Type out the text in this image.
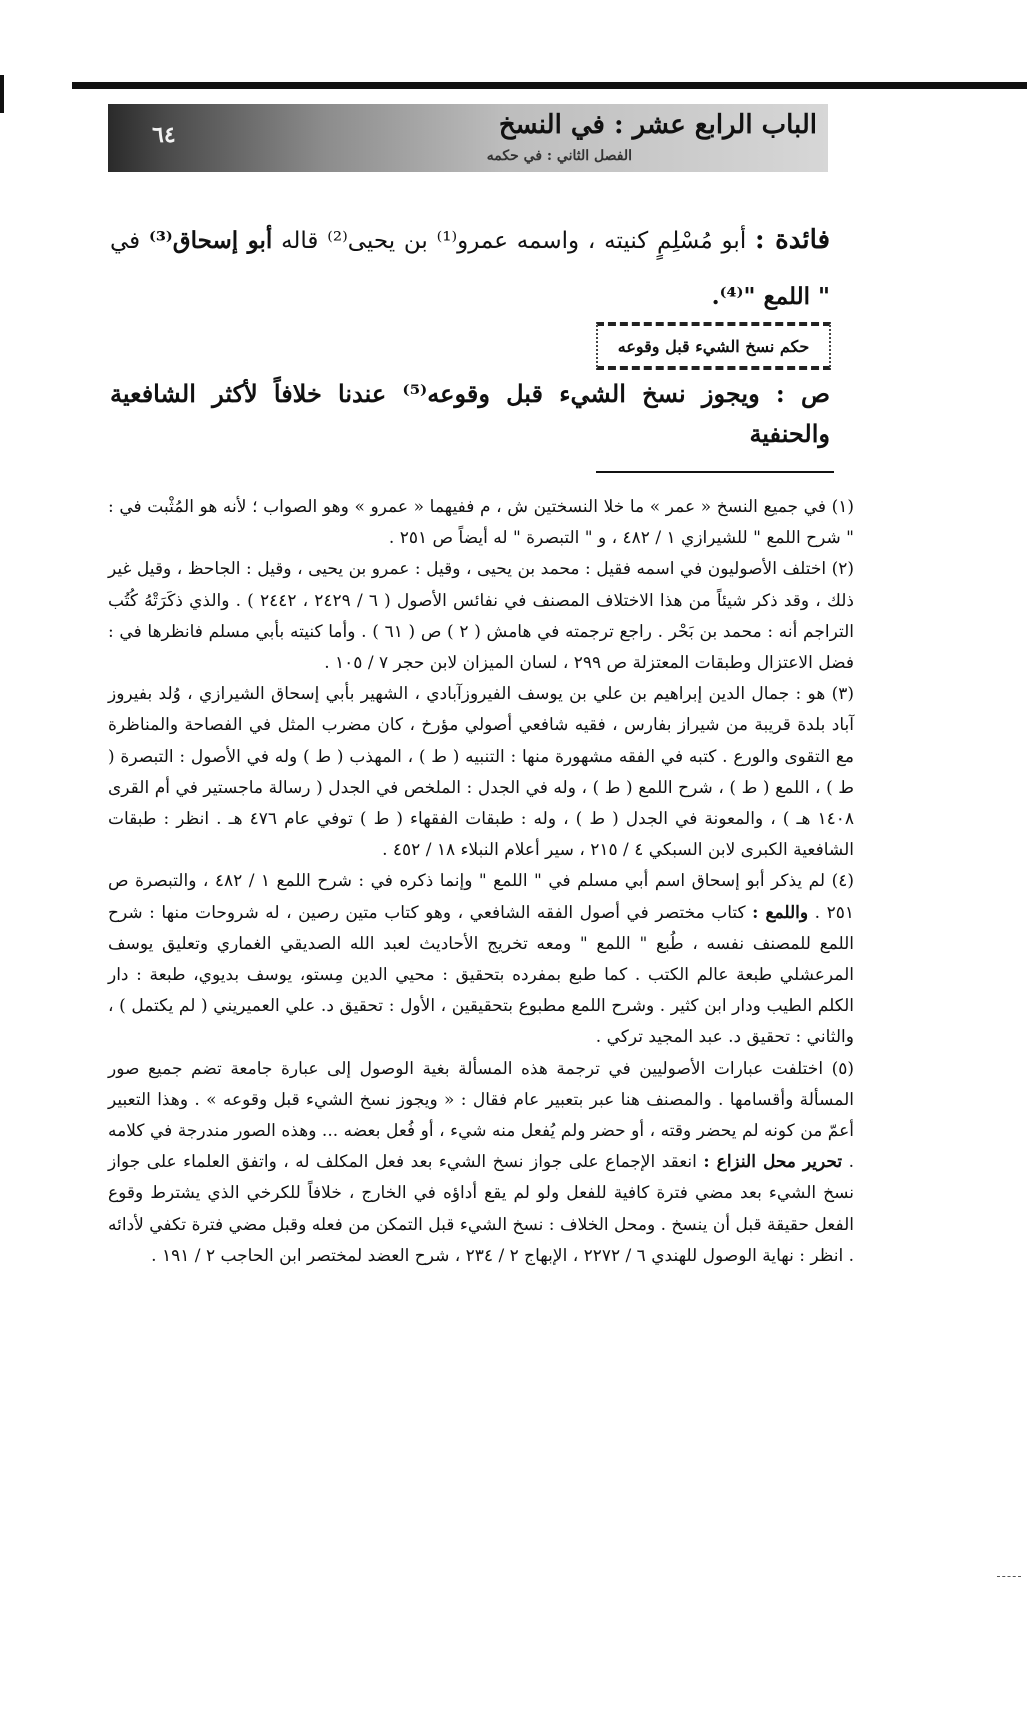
٦٤	الباب الرابع عشر : في النسخ
الفصل الثاني : في حكمه
فائدة : أبو مُسْلِمٍ كنيته ، واسمه عمرو⁽¹⁾ بن يحيى⁽²⁾ قاله أبو إسحاق⁽³⁾ في " اللمع "⁽⁴⁾.
حكم نسخ الشيء قبل وقوعه
ص : ويجوز نسخ الشيء قبل وقوعه⁽⁵⁾ عندنا خلافاً لأكثر الشافعية والحنفية

(١) في جميع النسخ « عمر » ما خلا النسختين ش ، م ففيهما « عمرو » وهو الصواب ؛ لأنه هو المُثْبت في : " شرح اللمع " للشيرازي ١ / ٤٨٢ ، و " التبصرة " له أيضاً ص ٢٥١ .

(٢) اختلف الأصوليون في اسمه فقيل : محمد بن يحيى ، وقيل : عمرو بن يحيى ، وقيل : الجاحظ ، وقيل غير ذلك ، وقد ذكر شيئاً من هذا الاختلاف المصنف في نفائس الأصول ( ٦ / ٢٤٢٩ ، ٢٤٤٢ ) . والذي ذكَرَتْهُ كُتُب التراجم أنه : محمد بن بَحْر . راجع ترجمته في هامش ( ٢ ) ص ( ٦١ ) . وأما كنيته بأبي مسلم فانظرها في : فضل الاعتزال وطبقات المعتزلة ص ٢٩٩ ، لسان الميزان لابن حجر ٧ / ١٠٥ .

(٣) هو : جمال الدين إبراهيم بن علي بن يوسف الفيروزآبادي ، الشهير بأبي إسحاق الشيرازي ، وُلد بفيروز آباد بلدة قريبة من شيراز بفارس ، فقيه شافعي أصولي مؤرخ ، كان مضرب المثل في الفصاحة والمناظرة مع التقوى والورع . كتبه في الفقه مشهورة منها : التنبيه ( ط ) ، المهذب ( ط ) وله في الأصول : التبصرة ( ط ) ، اللمع ( ط ) ، شرح اللمع ( ط ) ، وله في الجدل : الملخص في الجدل ( رسالة ماجستير في أم القرى ١٤٠٨ هـ ) ، والمعونة في الجدل ( ط ) ، وله : طبقات الفقهاء ( ط ) توفي عام ٤٧٦ هـ . انظر : طبقات الشافعية الكبرى لابن السبكي ٤ / ٢١٥ ، سير أعلام النبلاء ١٨ / ٤٥٢ .

(٤) لم يذكر أبو إسحاق اسم أبي مسلم في " اللمع " وإنما ذكره في : شرح اللمع ١ / ٤٨٢ ، والتبصرة ص ٢٥١ . واللمع : كتاب مختصر في أصول الفقه الشافعي ، وهو كتاب متين رصين ، له شروحات منها : شرح اللمع للمصنف نفسه ، طُبع " اللمع " ومعه تخريج الأحاديث لعبد الله الصديقي الغماري وتعليق يوسف المرعشلي طبعة عالم الكتب . كما طبع بمفرده بتحقيق : محيي الدين مِستو، يوسف بديوي، طبعة : دار الكلم الطيب ودار ابن كثير . وشرح اللمع مطبوع بتحقيقين ، الأول : تحقيق د. علي العميريني ( لم يكتمل ) ، والثاني : تحقيق د. عبد المجيد تركي .

(٥) اختلفت عبارات الأصوليين في ترجمة هذه المسألة بغية الوصول إلى عبارة جامعة تضم جميع صور المسألة وأقسامها . والمصنف هنا عبر بتعبير عام فقال : « ويجوز نسخ الشيء قبل وقوعه » . وهذا التعبير أعمّ من كونه لم يحضر وقته ، أو حضر ولم يُفعل منه شيء ، أو فُعل بعضه ... وهذه الصور مندرجة في كلامه . تحرير محل النزاع : انعقد الإجماع على جواز نسخ الشيء بعد فعل المكلف له ، واتفق العلماء على جواز نسخ الشيء بعد مضي فترة كافية للفعل ولو لم يقع أداؤه في الخارج ، خلافاً للكرخي الذي يشترط وقوع الفعل حقيقة قبل أن ينسخ . ومحل الخلاف : نسخ الشيء قبل التمكن من فعله وقبل مضي فترة تكفي لأدائه . انظر : نهاية الوصول للهندي ٦ / ٢٢٧٢ ، الإبهاج ٢ / ٢٣٤ ، شرح العضد لمختصر ابن الحاجب ٢ / ١٩١ .
